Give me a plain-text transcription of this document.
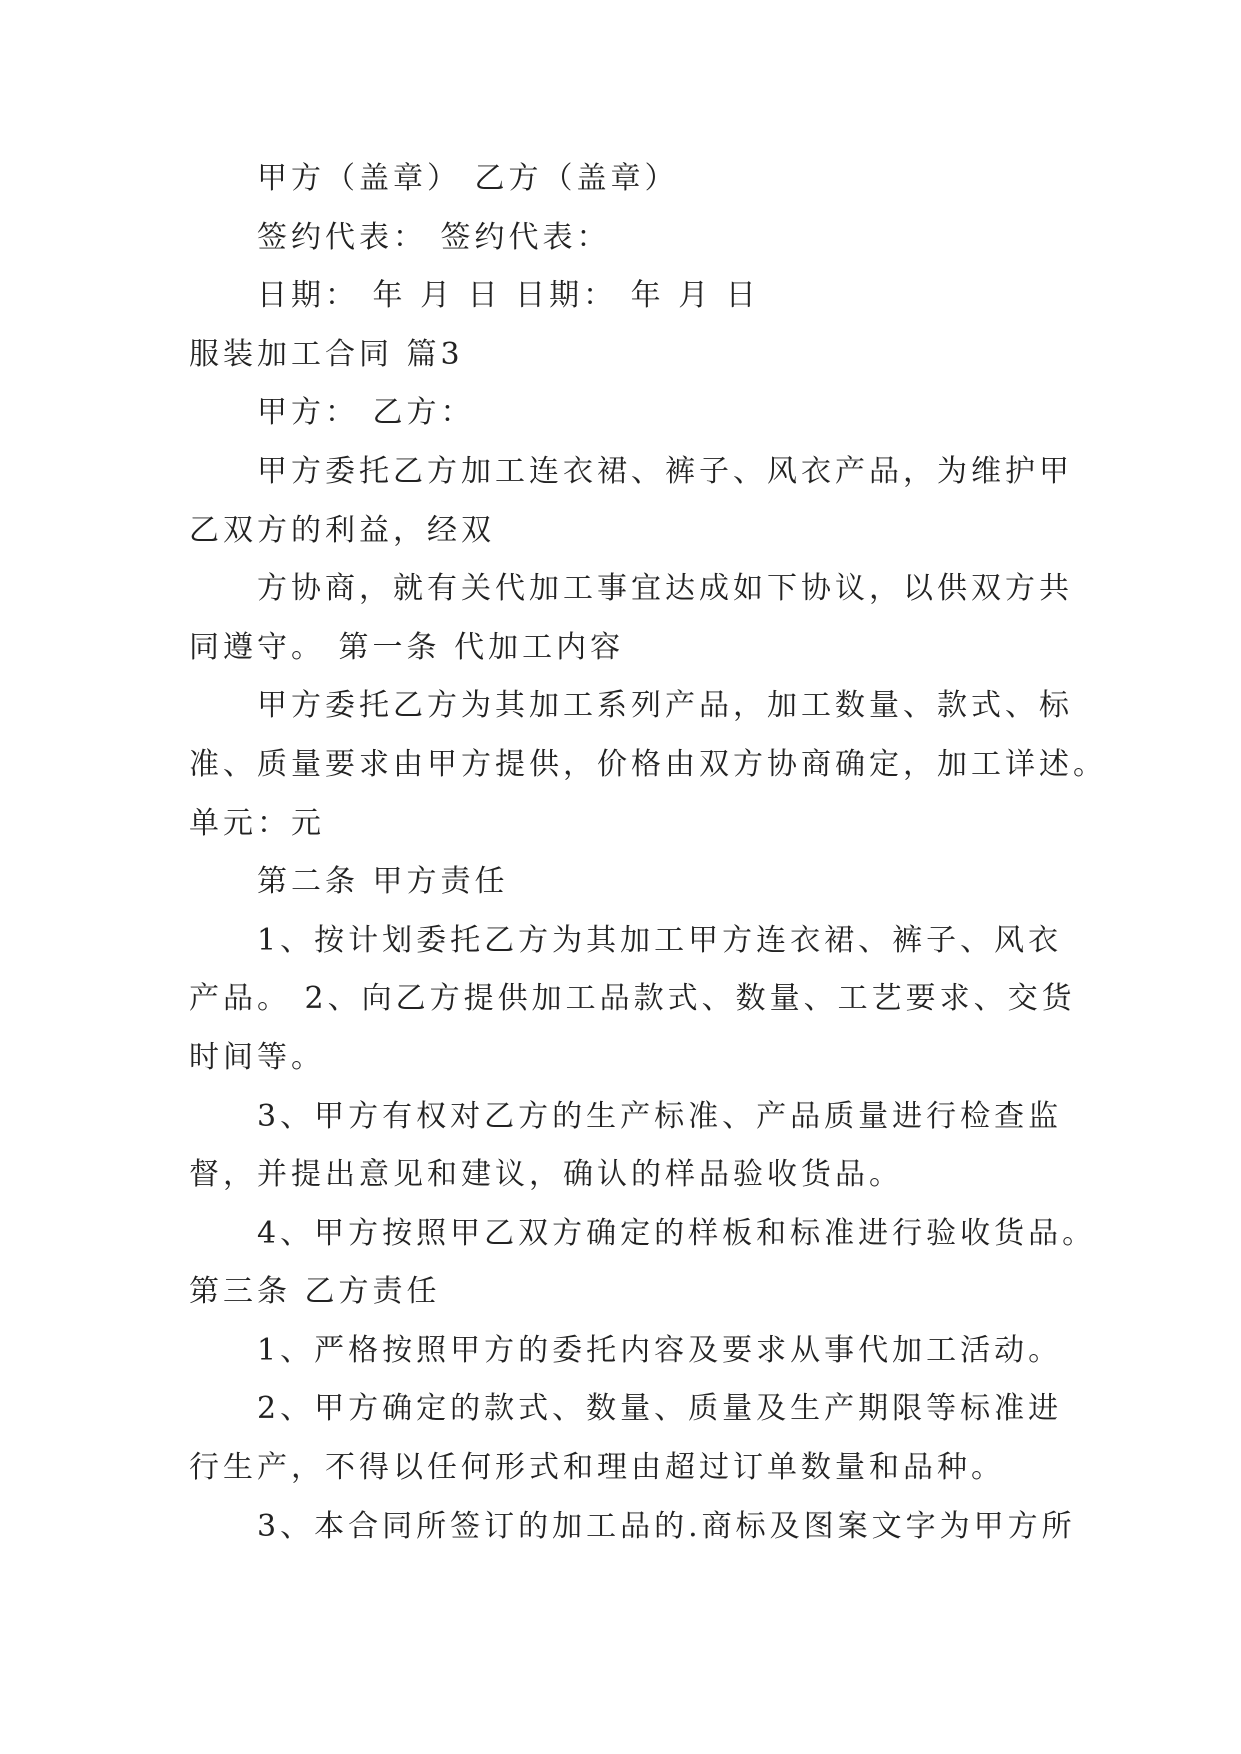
甲方（盖章） 乙方（盖章）
签约代表： 签约代表：
日期： 年 月 日 日期： 年 月 日
服装加工合同 篇3
甲方： 乙方：
甲方委托乙方加工连衣裙、裤子、风衣产品，为维护甲
乙双方的利益，经双
方协商，就有关代加工事宜达成如下协议，以供双方共
同遵守。 第一条 代加工内容
甲方委托乙方为其加工系列产品，加工数量、款式、标
准、质量要求由甲方提供，价格由双方协商确定，加工详述。
单元：元
第二条 甲方责任
1、按计划委托乙方为其加工甲方连衣裙、裤子、风衣
产品。 2、向乙方提供加工品款式、数量、工艺要求、交货
时间等。
3、甲方有权对乙方的生产标准、产品质量进行检查监
督，并提出意见和建议，确认的样品验收货品。
4、甲方按照甲乙双方确定的样板和标准进行验收货品。
第三条 乙方责任
1、严格按照甲方的委托内容及要求从事代加工活动。
2、甲方确定的款式、数量、质量及生产期限等标准进
行生产，不得以任何形式和理由超过订单数量和品种。
3、本合同所签订的加工品的.商标及图案文字为甲方所
